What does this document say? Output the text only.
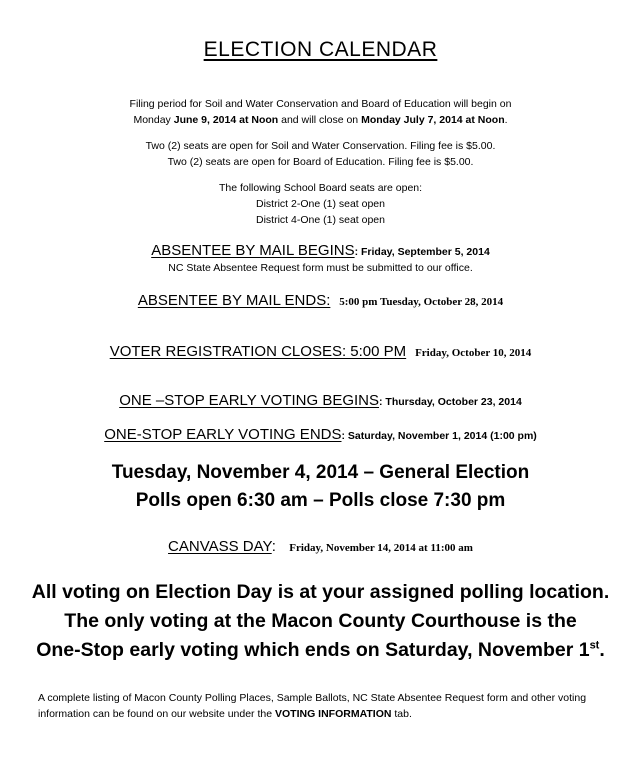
ELECTION CALENDAR
Filing period for Soil and Water Conservation and Board of Education will begin on
Monday June 9, 2014 at Noon and will close on Monday July 7, 2014 at Noon.
Two (2) seats are open for Soil and Water Conservation. Filing fee is $5.00.
Two (2) seats are open for Board of Education. Filing fee is $5.00.
The following School Board seats are open:
District 2-One (1) seat open
District 4-One (1) seat open
ABSENTEE BY MAIL BEGINS: Friday, September 5, 2014
NC State Absentee Request form must be submitted to our office.
ABSENTEE BY MAIL ENDS: 5:00 pm Tuesday, October 28, 2014
VOTER REGISTRATION CLOSES: 5:00 PM Friday, October 10, 2014
ONE –STOP EARLY VOTING BEGINS: Thursday, October 23, 2014
ONE-STOP EARLY VOTING ENDS: Saturday, November 1, 2014 (1:00 pm)
Tuesday, November 4, 2014 – General Election
Polls open 6:30 am – Polls close 7:30 pm
CANVASS DAY: Friday, November 14, 2014 at 11:00 am
All voting on Election Day is at your assigned polling location.
The only voting at the Macon County Courthouse is the
One-Stop early voting which ends on Saturday, November 1st.
A complete listing of Macon County Polling Places, Sample Ballots, NC State Absentee Request form and other voting information can be found on our website under the VOTING INFORMATION tab.
